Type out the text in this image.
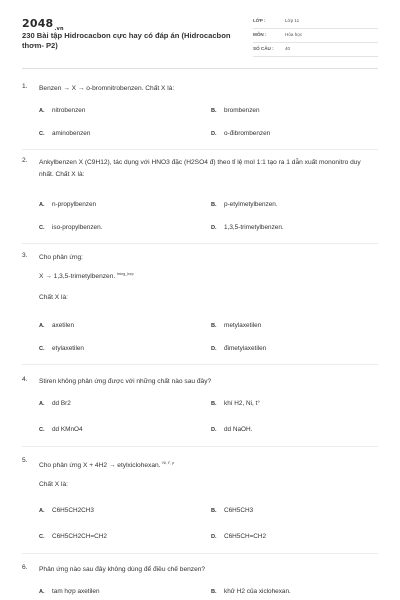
$2048_{.vn}$
230 Bài tập Hidrocacbon cực hay có đáp án (Hidrocacbon thơm- P2)
LỚP :	Lớp 11
MÔN :	Hóa học
SỐ CÂU : 40
1. Benzen → X → o-bromnitrobenzen. Chất X là:
A. nitrobenzen	B. brombenzen
C. aminobenzen	D. o-đibrombenzen
2. Ankylbenzen X (C9H12), tác dụng với HNO3 đặc (H2SO4 đ) theo tỉ lệ mol 1:1 tạo ra 1 dẫn xuất mononitro duy nhất. Chất X là:
A. n-propylbenzen	B. p-etylmetylbenzen.
C. iso-propylbenzen.	D. 1,3,5-trimetylbenzen.
3. Cho phản ứng:
X → 1,3,5-trimetylbenzen. $^{trùng\_hợp}$
Chất X là:
A. axetilen	B. metylaxetilen
C. etylaxetilen	D. đimetylaxetilen
4. Stiren không phản ứng được với những chất nào sau đây?
A. dd Br2	B. khí H2, Ni, t°
C. dd KMnO4	D. dd NaOH.
5.
Cho phản ứng X + 4H2 → etylxiclohexan. $^{Ni, t^\circ, p}$
Chất X là:
A. C6H5CH2CH3	B. C6H5CH3
C. C6H5CH2CH=CH2	D. C6H5CH=CH2
6. Phản ứng nào sau đây không dùng để điều chế benzen?
A. tam hợp axetilen	B. khử H2 của xiclohexan.
